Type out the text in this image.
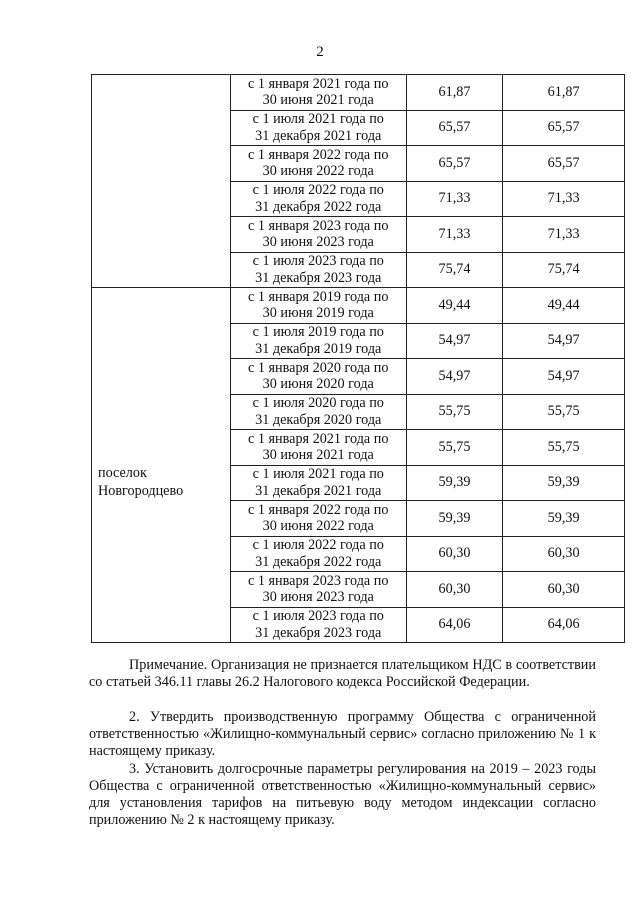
2
	с 1 января 2021 года по
30 июня 2021 года	61,87	61,87
	с 1 июля 2021 года по
31 декабря 2021 года	65,57	65,57
	с 1 января 2022 года по
30 июня 2022 года	65,57	65,57
	с 1 июля 2022 года по
31 декабря 2022 года	71,33	71,33
	с 1 января 2023 года по
30 июня 2023 года	71,33	71,33
	с 1 июля 2023 года по
31 декабря 2023 года	75,74	75,74

поселок
Новгородцево	с 1 января 2019 года по
30 июня 2019 года	49,44	49,44
	с 1 июля 2019 года по
31 декабря 2019 года	54,97	54,97
	с 1 января 2020 года по
30 июня 2020 года	54,97	54,97
	с 1 июля 2020 года по
31 декабря 2020 года	55,75	55,75
	с 1 января 2021 года по
30 июня 2021 года	55,75	55,75
	с 1 июля 2021 года по
31 декабря 2021 года	59,39	59,39
	с 1 января 2022 года по
30 июня 2022 года	59,39	59,39
	с 1 июля 2022 года по
31 декабря 2022 года	60,30	60,30
	с 1 января 2023 года по
30 июня 2023 года	60,30	60,30
	с 1 июля 2023 года по
31 декабря 2023 года	64,06	64,06
Примечание. Организация не признается плательщиком НДС в соответствии со статьей 346.11 главы 26.2 Налогового кодекса Российской Федерации.
2. Утвердить производственную программу Общества с ограниченной ответственностью «Жилищно-коммунальный сервис» согласно приложению № 1 к настоящему приказу.
3. Установить долгосрочные параметры регулирования на 2019 – 2023 годы Общества с ограниченной ответственностью «Жилищно-коммунальный сервис» для установления тарифов на питьевую воду методом индексации согласно приложению № 2 к настоящему приказу.
